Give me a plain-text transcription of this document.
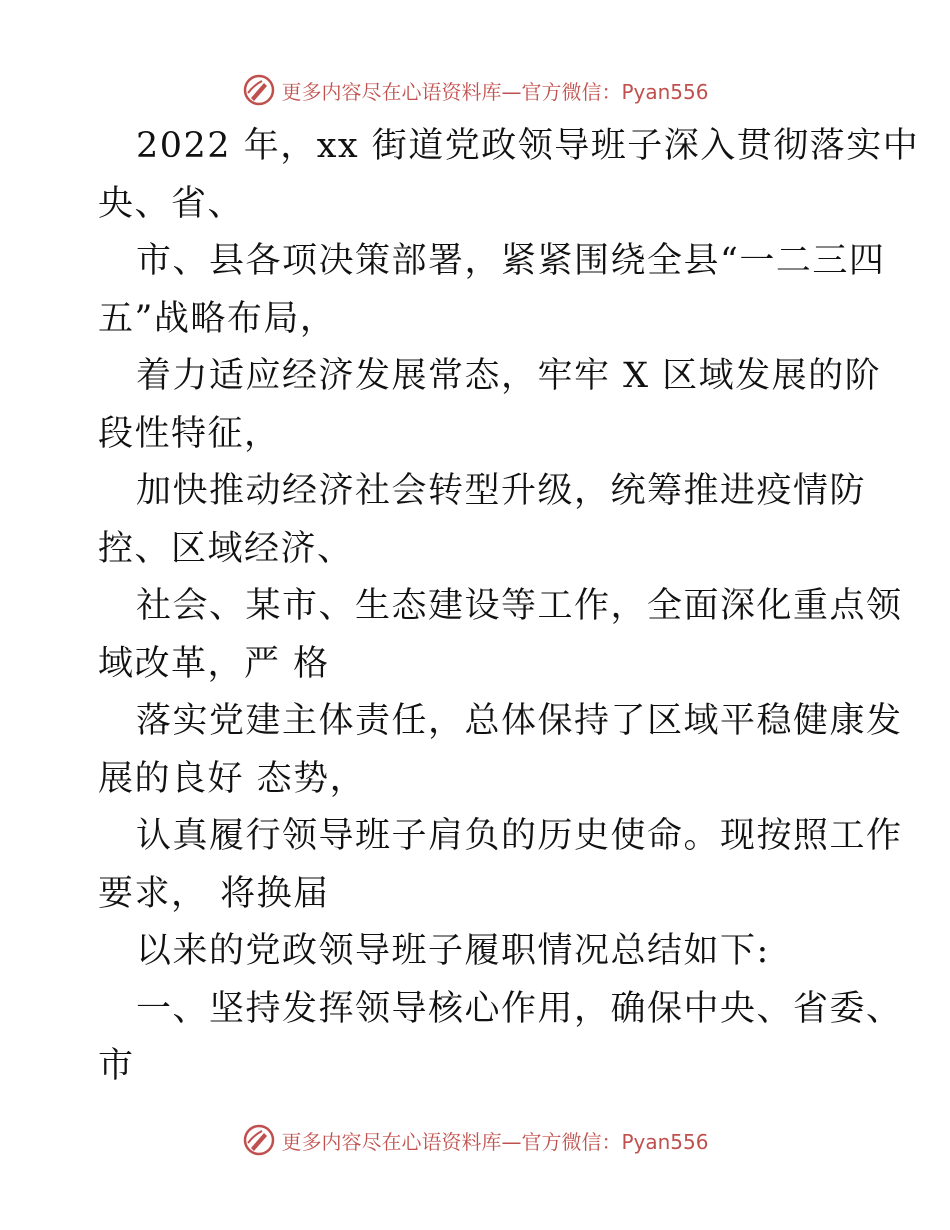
更多内容尽在心语资料库—官方微信：Pyan556
2022 年，xx 街道党政领导班子深入贯彻落实中
央、省、
市、县各项决策部署，紧紧围绕全县“一二三四
五”战略布局，
着力适应经济发展常态，牢牢 X 区域发展的阶
段性特征，
加快推动经济社会转型升级，统筹推进疫情防
控、区域经济、
社会、某市、生态建设等工作，全面深化重点领
域改革，严 格
落实党建主体责任，总体保持了区域平稳健康发
展的良好 态势，
认真履行领导班子肩负的历史使命。现按照工作
要求， 将换届
以来的党政领导班子履职情况总结如下:
一、坚持发挥领导核心作用，确保中央、省委、
市
更多内容尽在心语资料库—官方微信：Pyan556
